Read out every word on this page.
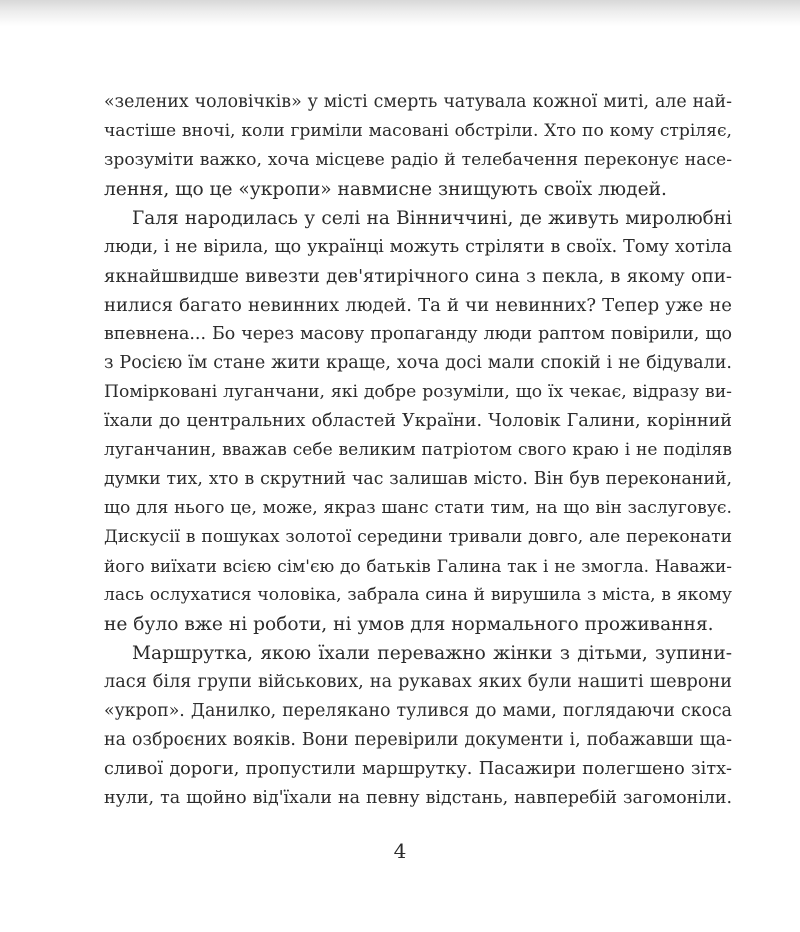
«зелених чоловічків» у місті смерть чатувала кожної миті, але най-
частіше вночі, коли гриміли масовані обстріли. Хто по кому стріляє,
зрозуміти важко, хоча місцеве радіо й телебачення переконує насе-
лення, що це «укропи» навмисне знищують своїх людей.
Галя народилась у селі на Вінниччині, де живуть миролюбні
люди, і не вірила, що українці можуть стріляти в своїх. Тому хотіла
якнайшвидше вивезти дев'ятирічного сина з пекла, в якому опи-
нилися багато невинних людей. Та й чи невинних? Тепер уже не
впевнена... Бо через масову пропаганду люди раптом повірили, що
з Росією їм стане жити краще, хоча досі мали спокій і не бідували.
Поміркованi луганчани, які добре розуміли, що їх чекає, відразу ви-
їхали до центральних областей України. Чоловік Галини, корінний
луганчанин, вважав себе великим патріотом свого краю і не поділяв
думки тих, хто в скрутний час залишав місто. Він був переконаний,
що для нього це, може, якраз шанс стати тим, на що він заслуговує.
Дискусії в пошуках золотої середини тривали довго, але переконати
його виїхати всією сім'єю до батьків Галина так і не змогла. Наважи-
лась ослухатися чоловіка, забрала сина й вирушила з міста, в якому
не було вже ні роботи, ні умов для нормального проживання.
Маршрутка, якою їхали переважно жінки з дітьми, зупини-
лася біля групи військових, на рукавах яких були нашиті шеврони
«укроп». Данилко, перелякано тулився до мами, поглядаючи скоса
на озброєних вояків. Вони перевірили документи і, побажавши ща-
сливої дороги, пропустили маршрутку. Пасажири полегшено зітх-
нули, та щойно від'їхали на певну відстань, навперебій загомоніли.
4
